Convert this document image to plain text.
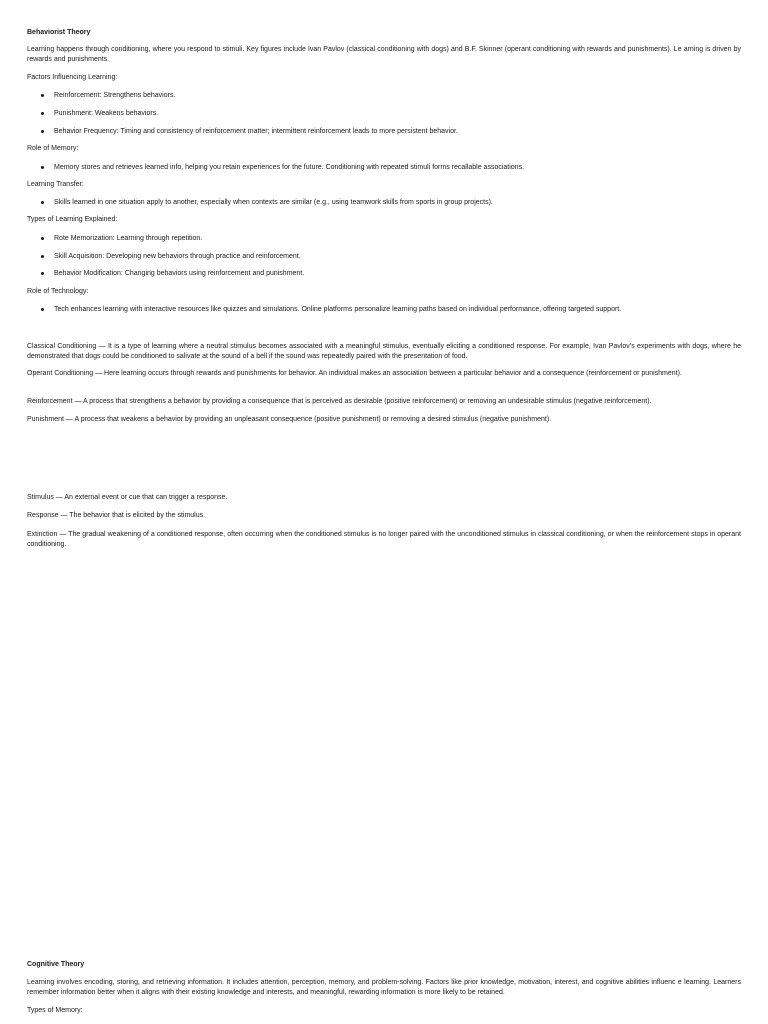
Behaviorist Theory
Learning happens through conditioning, where you respond to stimuli. Key figures include Ivan Pavlov (classical conditioning with dogs) and B.F. Skinner (operant conditioning with rewards and punishments). Le arning is driven by rewards and punishments.
Factors Influencing Learning:
Reinforcement: Strengthens behaviors.
Punishment: Weakens behaviors.
Behavior Frequency: Timing and consistency of reinforcement matter; intermittent reinforcement leads to more persistent behavior.
Role of Memory:
Memory stores and retrieves learned info, helping you retain experiences for the future. Conditioning with repeated stimuli forms recallable associations.
Learning Transfer:
Skills learned in one situation apply to another, especially when contexts are similar (e.g., using teamwork skills from sports in group projects).
Types of Learning Explained:
Rote Memorization: Learning through repetition.
Skill Acquisition: Developing new behaviors through practice and reinforcement.
Behavior Modification: Changing behaviors using reinforcement and punishment.
Role of Technology:
Tech enhances learning with interactive resources like quizzes and simulations. Online platforms personalize learning paths based on individual performance, offering targeted support.
Classical Conditioning — It is a type of learning where a neutral stimulus becomes associated with a meaningful stimulus, eventually eliciting a conditioned response. For example, Ivan Pavlov’s experiments with dogs, where he demonstrated that dogs could be conditioned to salivate at the sound of a bell if the sound was repeatedly paired with the presentation of food.
Operant Conditioning — Here learning occurs through rewards and punishments for behavior. An individual makes an association between a particular behavior and a consequence (reinforcement or punishment).
Reinforcement — A process that strengthens a behavior by providing a consequence that is perceived as desirable (positive reinforcement) or removing an undesirable stimulus (negative reinforcement).
Punishment — A process that weakens a behavior by providing an unpleasant consequence (positive punishment) or removing a desired stimulus (negative punishment).
Stimulus — An external event or cue that can trigger a response.
Response — The behavior that is elicited by the stimulus.
Extinction — The gradual weakening of a conditioned response, often occurring when the conditioned stimulus is no longer paired with the unconditioned stimulus in classical conditioning, or when the reinforcement stops in operant conditioning.
Cognitive Theory
Learning involves encoding, storing, and retrieving information. It includes attention, perception, memory, and problem-solving. Factors like prior knowledge, motivation, interest, and cognitive abilities influenc e learning. Learners remember information better when it aligns with their existing knowledge and interests, and meaningful, rewarding information is more likely to be retained.
Types of Memory:
